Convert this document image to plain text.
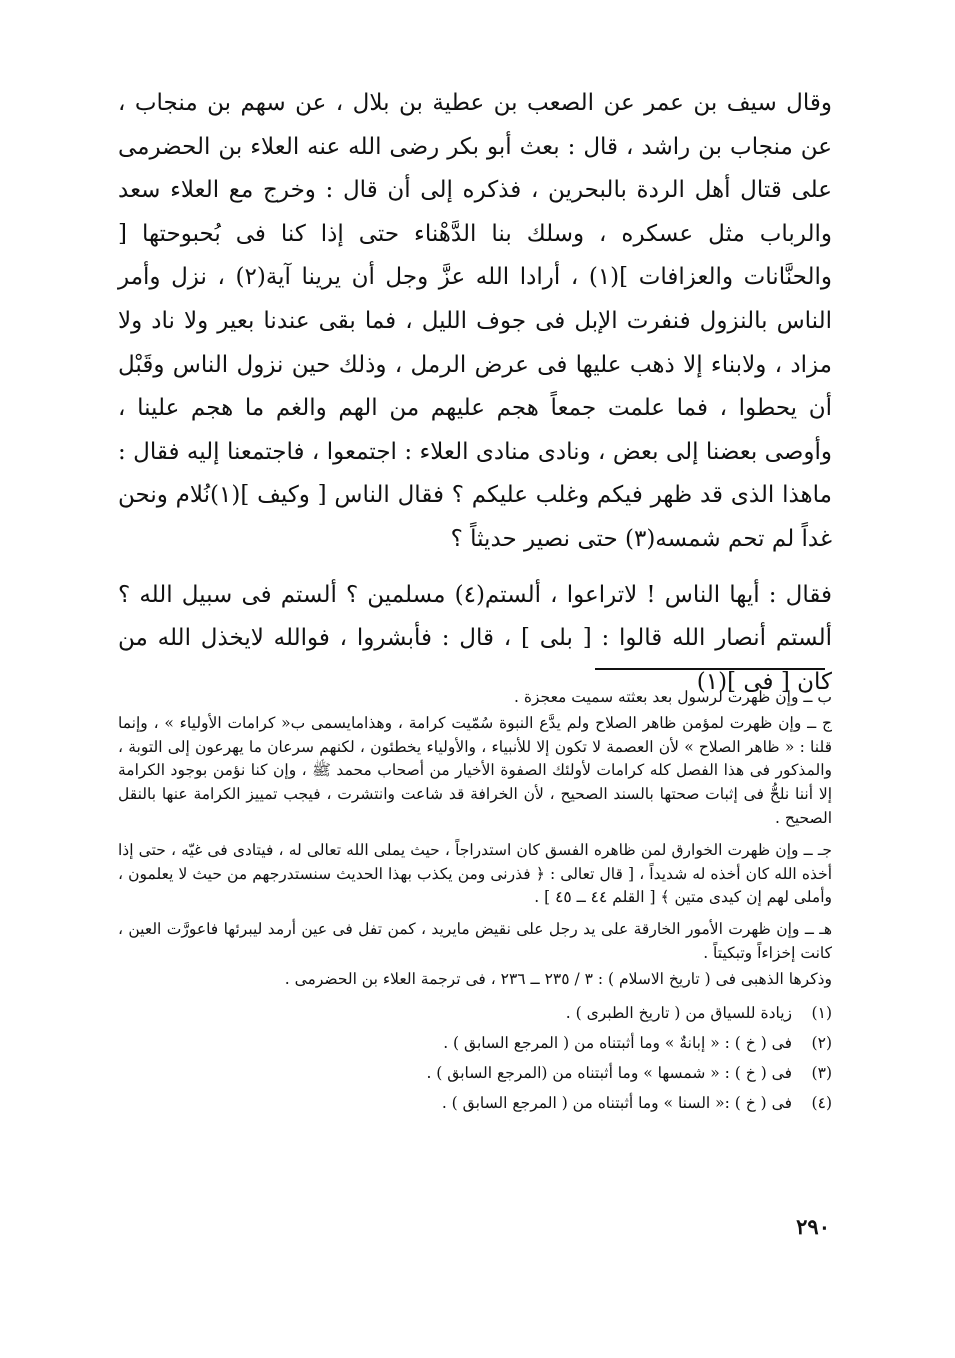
وقال سيف بن عمر عن الصعب بن عطية بن بلال ، عن سهم بن منجاب ، عن منجاب بن راشد ، قال : بعث أبو بكر رضى الله عنه العلاء بن الحضرمى على قتال أهل الردة بالبحرين ، فذكره إلى أن قال : وخرج مع العلاء سعد والرباب مثل عسكره ، وسلك بنا الدَّهْناء حتى إذا كنا فى بُحبوحتها [ والحنَّانات والعزافات ](١) ، أرادا الله عزَّ وجل أن يرينا آية(٢) ، نزل وأمر الناس بالنزول فنفرت الإبل فى جوف الليل ، فما بقى عندنا بعير ولا ناد ولا مزاد ، ولابناء إلا ذهب عليها فى عرض الرمل ، وذلك حين نزول الناس وقَبْل أن يحطوا ، فما علمت جمعاً هجم عليهم من الهم والغم ما هجم علينا ، وأوصى بعضنا إلى بعض ، ونادى منادى العلاء : اجتمعوا ، فاجتمعنا إليه فقال : ماهذا الذى قد ظهر فيكم وغلب عليكم ؟ فقال الناس [ وكيف ](١)نُلام ونحن غداً لم تحم شمسه(٣) حتى نصير حديثاً ؟

فقال : أيها الناس ! لاتراعوا ، ألستم(٤) مسلمين ؟ ألستم فى سبيل الله ؟ ألستم أنصار الله قالوا : [ بلى ] ، قال : فأبشروا ، فوالله لايخذل الله من كان [ فى ](١)

ب ــ وإن ظهرت لرسول بعد بعثته سميت معجزة .

ج ــ وإن ظهرت لمؤمن ظاهر الصلاح ولم يدَّع النبوة سُمّيت كرامة ، وهذامايسمى ب« كرامات الأولياء » ، وإنما قلنا : « ظاهر الصلاح » لأن العصمة لا تكون إلا للأنبياء ، والأولياء يخطئون ، لكنهم سرعان ما يهرعون إلى التوبة ، والمذكور فى هذا الفصل كله كرامات لأولئك الصفوة الأخيار من أصحاب محمد ﷺ ، وإن كنا نؤمن بوجود الكرامة إلا أننا نلحُّ فى إثبات صحتها بالسند الصحيح ، لأن الخرافة قد شاعت وانتشرت ، فيجب تمييز الكرامة عنها بالنقل الصحيح .

جـ ــ وإن ظهرت الخوارق لمن ظاهره الفسق كان استدراجاً ، حيث يملى الله تعالى له ، فيتادى فى غيّه ، حتى إذا أخذه الله كان أخذه له شديداً ، [ قال تعالى : ﴿ فذرنى ومن يكذب بهذا الحديث سنستدرجهم من حيث لا يعلمون ، وأملى لهم إن كيدى متين ﴾ [ القلم ٤٤ ــ ٤٥ ] .

هـ ــ وإن ظهرت الأمور الخارقة على يد رجل على نقيض مايريد ، كمن تفل فى عين أرمد ليبرئها فاعورَّت العين ، كانت إخزاءاً وتبكيتاً .

وذكرها الذهبى فى ( تاريخ الاسلام ) : ٣ / ٢٣٥ ــ ٢٣٦ ، فى ترجمة العلاء بن الحضرمى .

(١)
زيادة للسياق من ( تاريخ الطبرى ) .
(٢)
فى ( خ ) : « إبانةٌ » وما أثبتناه من ( المرجع السابق ) .
(٣)
فى ( خ ) : « شمسها » وما أثبتناه من (المرجع السابق ) .
(٤)
فى ( خ ) :« السنا » وما أثبتناه من ( المرجع السابق ) .
٢٩٠
